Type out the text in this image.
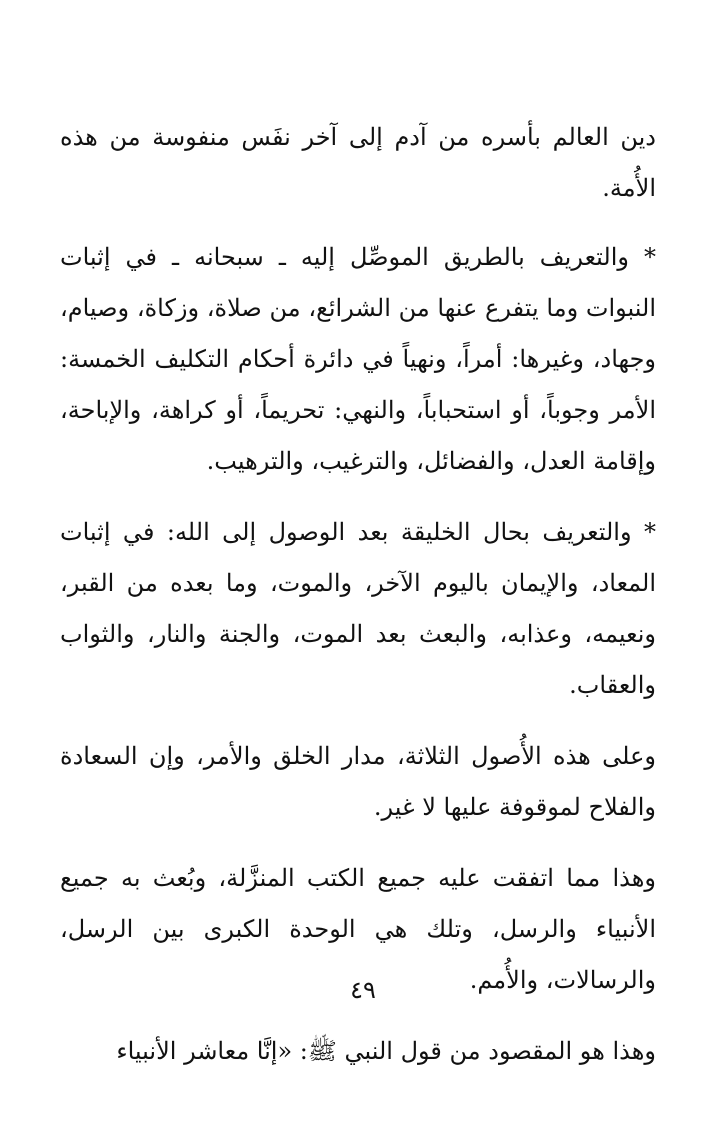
دين العالم بأسره من آدم إلى آخر نفَس منفوسة من هذه الأُمة.

* والتعريف بالطريق الموصِّل إليه ـ سبحانه ـ في إثبات النبوات وما يتفرع عنها من الشرائع، من صلاة، وزكاة، وصيام، وجهاد، وغيرها: أمراً، ونهياً في دائرة أحكام التكليف الخمسة: الأمر وجوباً، أو استحباباً، والنهي: تحريماً، أو كراهة، والإباحة، وإقامة العدل، والفضائل، والترغيب، والترهيب.

* والتعريف بحال الخليقة بعد الوصول إلى الله: في إثبات المعاد، والإيمان باليوم الآخر، والموت، وما بعده من القبر، ونعيمه، وعذابه، والبعث بعد الموت، والجنة والنار، والثواب والعقاب.

وعلى هذه الأُصول الثلاثة، مدار الخلق والأمر، وإن السعادة والفلاح لموقوفة عليها لا غير.

وهذا مما اتفقت عليه جميع الكتب المنزَّلة، وبُعث به جميع الأنبياء والرسل، وتلك هي الوحدة الكبرى بين الرسل، والرسالات، والأُمم.

وهذا هو المقصود من قول النبي ﷺ: «إنَّا معاشر الأنبياء

٤٩
